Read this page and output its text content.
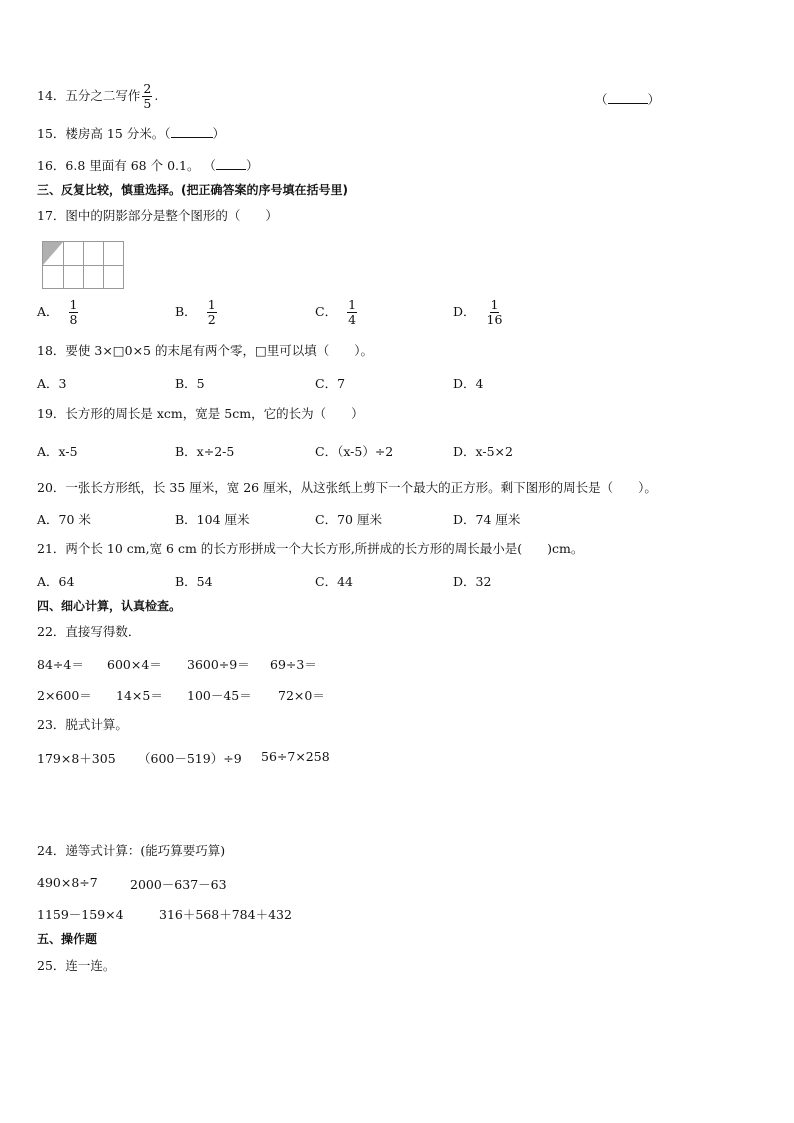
14．五分之二写作 $\frac{2}{5}$ .	（	）
15．楼房高 15 分米。（	）
16．6.8 里面有 68 个 0.1。 （ ）
三、反复比较，慎重选择。(把正确答案的序号填在括号里)
17．图中的阴影部分是整个图形的（　　）
A． $\frac{1}{8}$	B． $\frac{1}{2}$	C． $\frac{1}{4}$	D． $\frac{1}{16}$
18．要使 3×□0×5 的末尾有两个零，□里可以填（　　）。
A．3	B．5	C．7	D．4
19．长方形的周长是 xcm，宽是 5cm，它的长为（　　）
A．x-5	B．x÷2-5	C．（x-5）÷2	D．x-5×2
20．一张长方形纸，长 35 厘米，宽 26 厘米，从这张纸上剪下一个最大的正方形。剩下图形的周长是（　　）。
A．70 米	B．104 厘米	C．70 厘米	D．74 厘米
21．两个长 10 cm,宽 6 cm 的长方形拼成一个大长方形,所拼成的长方形的周长最小是(　　)cm。
A．64	B．54	C．44	D．32
四、细心计算，认真检查。
22．直接写得数．
84÷4＝ 600×4＝ 3600÷9＝ 69÷3＝
2×600＝ 14×5＝ 100－45＝ 72×0＝
23．脱式计算。
179×8＋305 （600－519）÷9 56÷7×258
24．递等式计算：(能巧算要巧算)
490×8÷7	2000－637－63
1159－159×4	316＋568＋784＋432
五、操作题
25．连一连。
